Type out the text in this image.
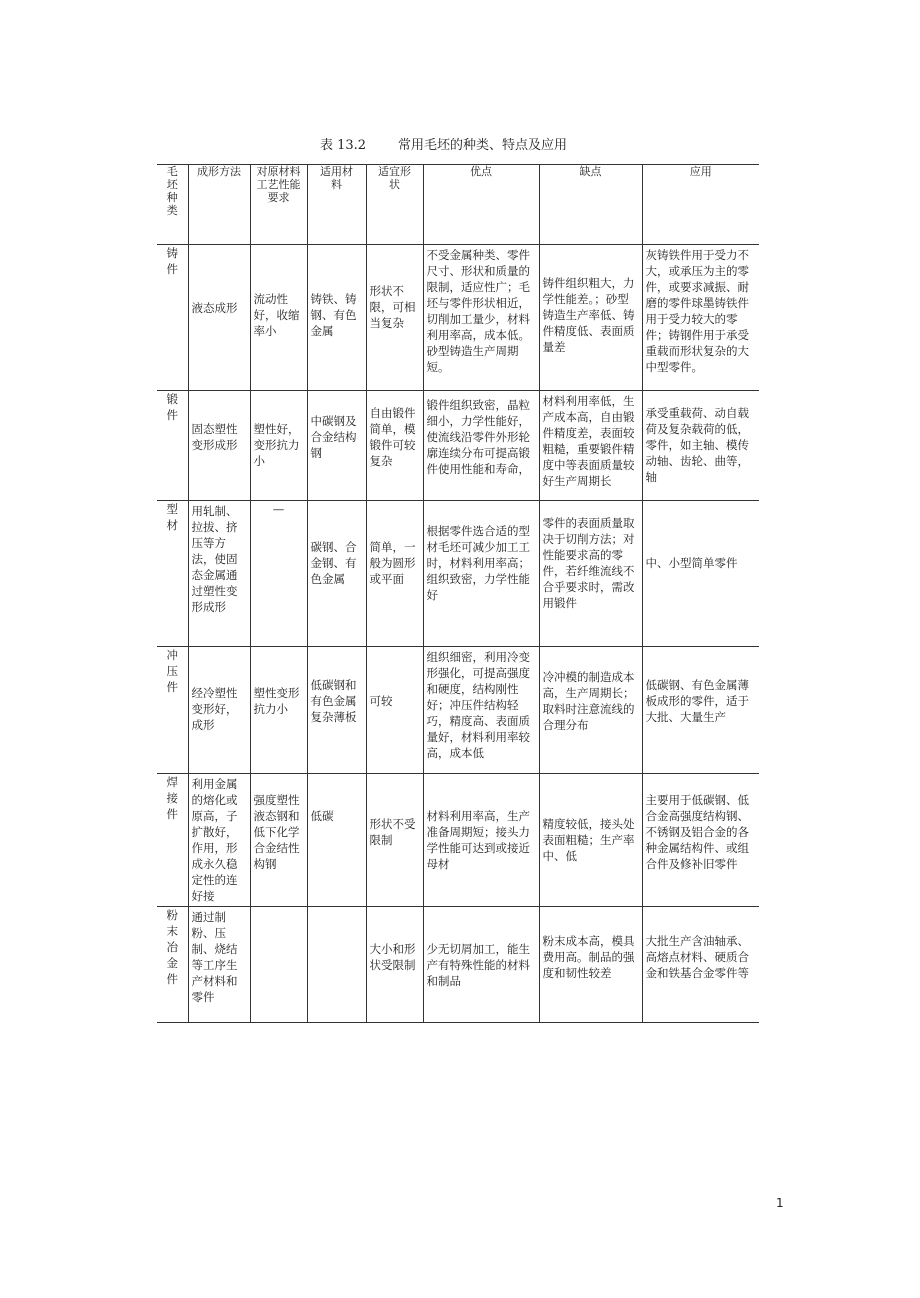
表 13.2 常用毛坯的种类、特点及应用
毛坯种类	成形方法	对原材料工艺性能要求	适用材料	适宜形状	优点	缺点	应用

铸件	液态成形	流动性好，收缩率小	铸铁、铸钢、有色金属	形状不限，可相当复杂	不受金属种类、零件尺寸、形状和质量的限制，适应性广；毛坯与零件形状相近，切削加工量少，材料利用率高，成本低。砂型铸造生产周期短。	铸件组织粗大，力学性能差。；砂型铸造生产率低、铸件精度低、表面质量差	灰铸铁件用于受力不大，或承压为主的零件，或要求减振、耐磨的零件球墨铸铁件用于受力较大的零件；铸钢件用于承受重载而形状复杂的大中型零件。

锻件	固态塑性变形成形	塑性好，变形抗力小	中碳钢及合金结构钢	自由锻件简单，模锻件可较复杂	锻件组织致密，晶粒细小，力学性能好，使流线沿零件外形轮廓连续分布可提高锻件使用性能和寿命，	材料利用率低，生产成本高，自由锻件精度差，表面较粗糙，重要锻件精度中等表面质量较好生产周期长	承受重载荷、动自载荷及复杂载荷的低，零件，如主轴、模传动轴、齿轮、曲等，轴

型材	用轧制、拉拔、挤压等方法，使固态金属通过塑性变形成形	—	碳钢、合金钢、有色金属	简单，一般为圆形或平面	根据零件选合适的型材毛坯可减少加工工时，材料利用率高；组织致密，力学性能好	零件的表面质量取决于切削方法；对性能要求高的零件，若纤维流线不合乎要求时，需改用锻件	中、小型简单零件

冲压件	经冷塑性变形好，成形	塑性变形抗力小	低碳钢和有色金属复杂薄板	可较	组织细密，利用冷变形强化，可提高强度和硬度，结构刚性好；冲压件结构轻巧，精度高、表面质量好，材料利用率较高，成本低	冷冲模的制造成本高，生产周期长；取料时注意流线的合理分布	低碳钢、有色金属薄板成形的零件，适于大批、大量生产

焊接件	利用金属的熔化或原高，子扩散好，作用，形成永久稳定性的连好接	强度塑性液态钢和低下化学合金结性构钢	低碳	形状不受限制	材料利用率高，生产准备周期短；接头力学性能可达到或接近母材	精度较低，接头处表面粗糙；生产率中、低	主要用于低碳钢、低合金高强度结构钢、不锈钢及铝合金的各种金属结构件、或组合件及修补旧零件

粉末冶金件	通过制粉、压制、烧结等工序生产材料和零件			大小和形状受限制	少无切屑加工，能生产有特殊性能的材料和制品	粉末成本高，模具费用高。制品的强度和韧性较差	大批生产含油轴承、高熔点材料、硬质合金和铁基合金零件等
1
